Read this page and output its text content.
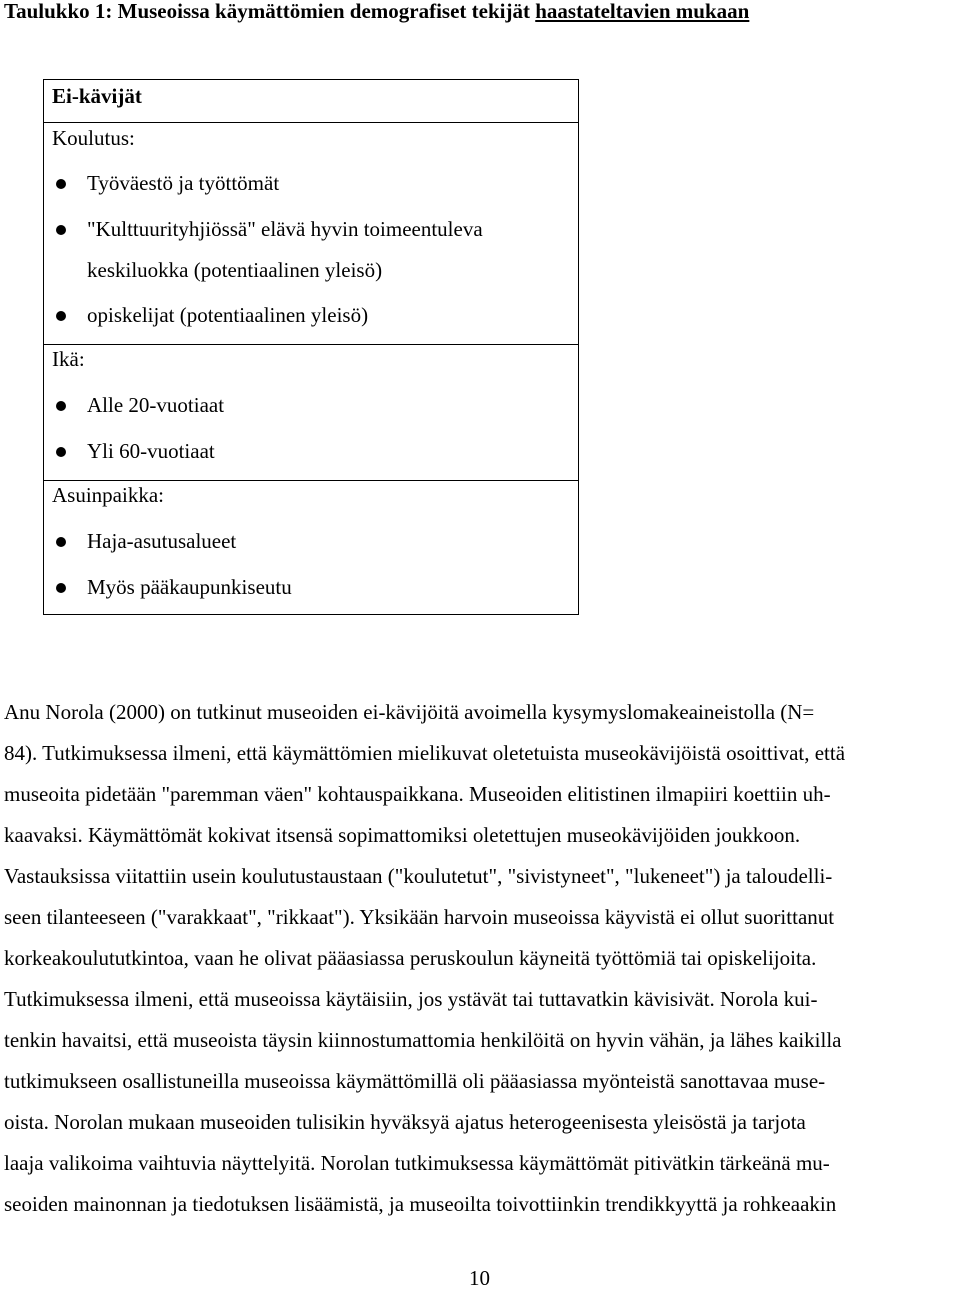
Taulukko 1: Museoissa käymättömien demografiset tekijät haastateltavien mukaan
Ei-kävijät
Koulutus:
Työväestö ja työttömät
"Kulttuurityhjiössä" elävä hyvin toimeentuleva
keskiluokka (potentiaalinen yleisö)
opiskelijat (potentiaalinen yleisö)
Ikä:
Alle 20-vuotiaat
Yli 60-vuotiaat
Asuinpaikka:
Haja-asutusalueet
Myös pääkaupunkiseutu
Anu Norola (2000) on tutkinut museoiden ei-kävijöitä avoimella kysymyslomakeaineistolla (N=
84). Tutkimuksessa ilmeni, että käymättömien mielikuvat oletetuista museokävijöistä osoittivat, että
museoita pidetään "paremman väen" kohtauspaikkana. Museoiden elitistinen ilmapiiri koettiin uh-
kaavaksi. Käymättömät kokivat itsensä sopimattomiksi oletettujen museokävijöiden joukkoon.
Vastauksissa viitattiin usein koulutustaustaan ("koulutetut", "sivistyneet", "lukeneet") ja taloudelli-
seen tilanteeseen ("varakkaat", "rikkaat"). Yksikään harvoin museoissa käyvistä ei ollut suorittanut
korkeakoulututkintoa, vaan he olivat pääasiassa peruskoulun käyneitä työttömiä tai opiskelijoita.
Tutkimuksessa ilmeni, että museoissa käytäisiin, jos ystävät tai tuttavatkin kävisivät. Norola kui-
tenkin havaitsi, että museoista täysin kiinnostumattomia henkilöitä on hyvin vähän, ja lähes kaikilla
tutkimukseen osallistuneilla museoissa käymättömillä oli pääasiassa myönteistä sanottavaa muse-
oista. Norolan mukaan museoiden tulisikin hyväksyä ajatus heterogeenisesta yleisöstä ja tarjota
laaja valikoima vaihtuvia näyttelyitä. Norolan tutkimuksessa käymättömät pitivätkin tärkeänä mu-
seoiden mainonnan ja tiedotuksen lisäämistä, ja museoilta toivottiinkin trendikkyyttä ja rohkeaakin
10
